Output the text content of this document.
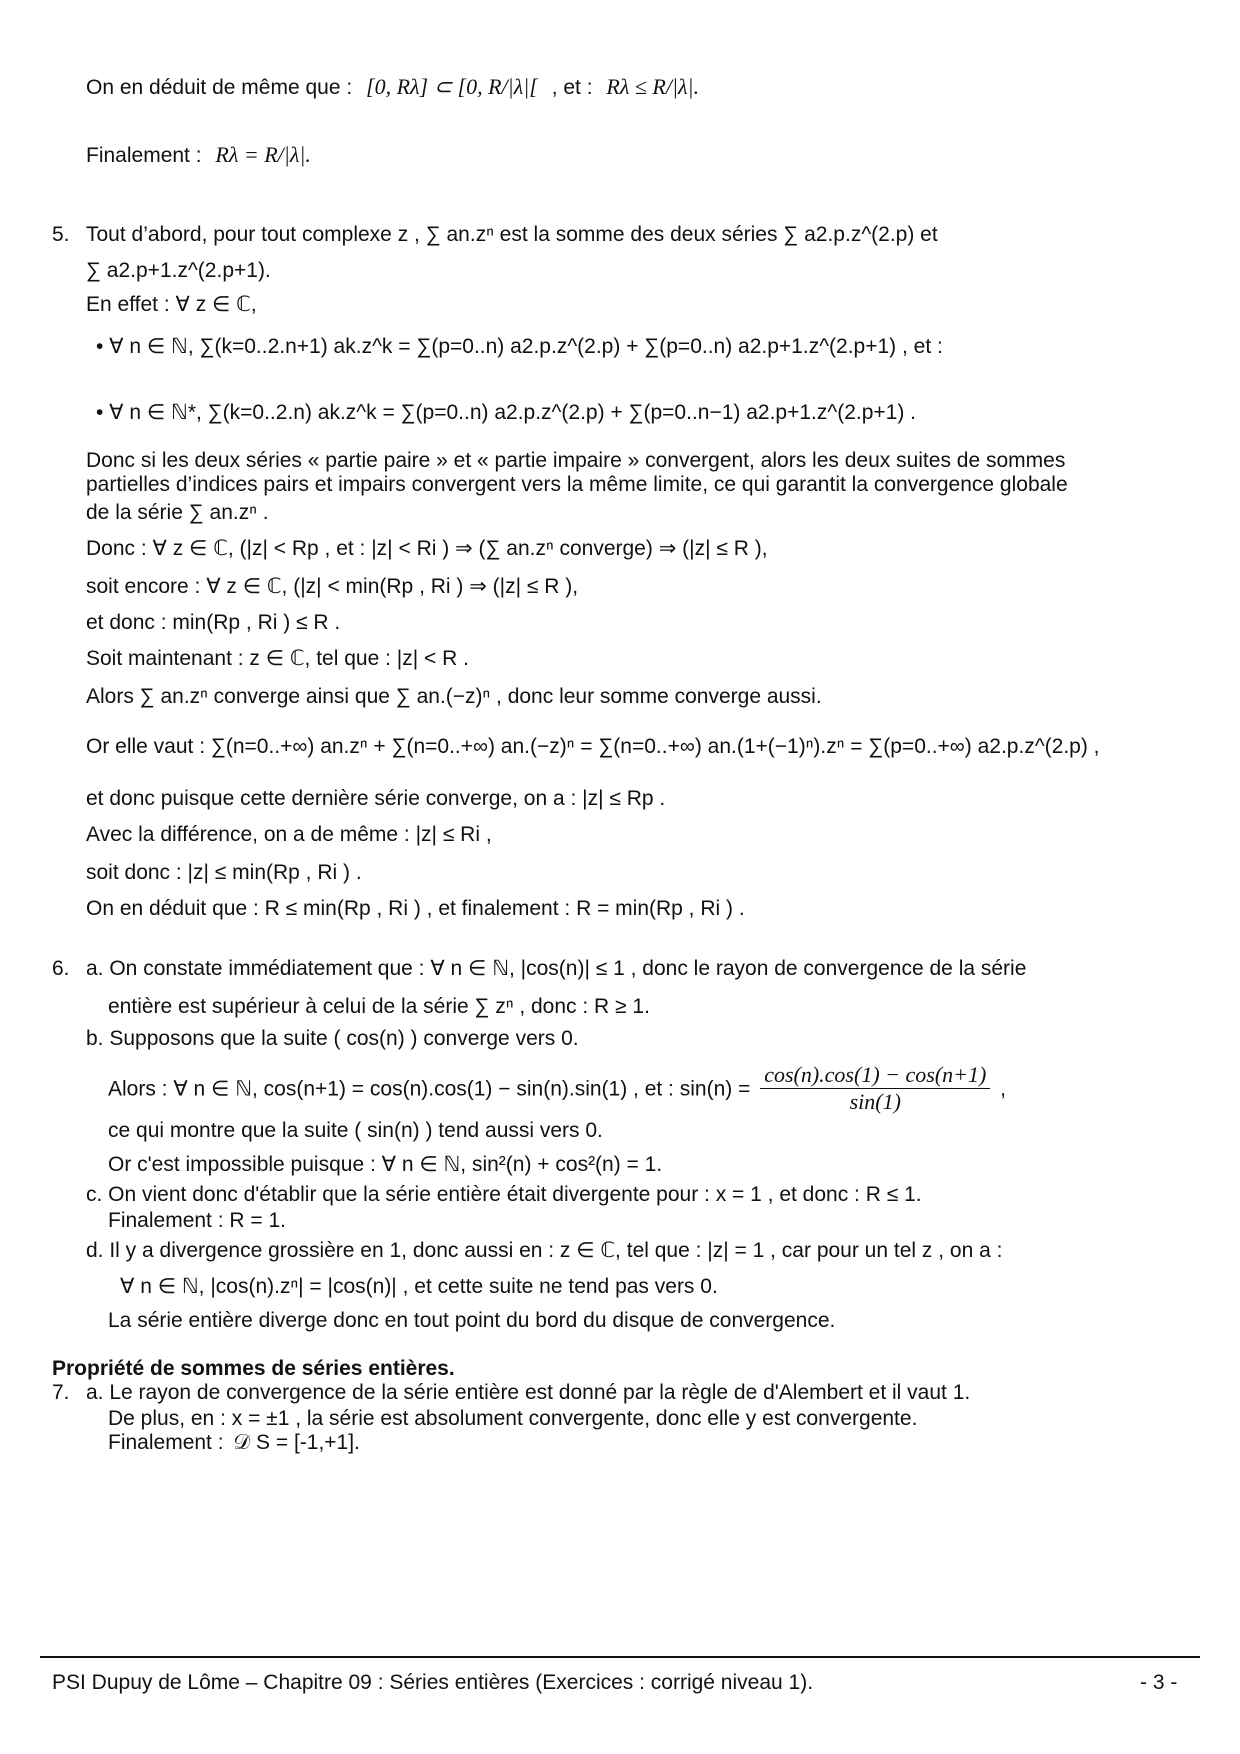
On en déduit de même que : [0, Rλ] ⊂ [0, R/|λ|[ , et : Rλ ≤ R/|λ|.
Finalement : Rλ = R/|λ|.
5. Tout d’abord, pour tout complexe z , ∑ an.zⁿ est la somme des deux séries ∑ a2.p.z^(2.p) et
∑ a2.p+1.z^(2.p+1).
En effet : ∀ z ∈ ℂ,
• ∀ n ∈ ℕ, ∑(k=0..2.n+1) ak.z^k = ∑(p=0..n) a2.p.z^(2.p) + ∑(p=0..n) a2.p+1.z^(2.p+1) , et :
• ∀ n ∈ ℕ*, ∑(k=0..2.n) ak.z^k = ∑(p=0..n) a2.p.z^(2.p) + ∑(p=0..n−1) a2.p+1.z^(2.p+1) .
Donc si les deux séries « partie paire » et « partie impaire » convergent, alors les deux suites de sommes
partielles d’indices pairs et impairs convergent vers la même limite, ce qui garantit la convergence globale
de la série ∑ an.zⁿ .
Donc : ∀ z ∈ ℂ, (|z| < Rp , et : |z| < Ri ) ⇒ (∑ an.zⁿ converge) ⇒ (|z| ≤ R ),
soit encore : ∀ z ∈ ℂ, (|z| < min(Rp , Ri ) ⇒ (|z| ≤ R ),
et donc : min(Rp , Ri ) ≤ R .
Soit maintenant : z ∈ ℂ, tel que : |z| < R .
Alors ∑ an.zⁿ converge ainsi que ∑ an.(−z)ⁿ , donc leur somme converge aussi.
Or elle vaut : ∑(n=0..+∞) an.zⁿ + ∑(n=0..+∞) an.(−z)ⁿ = ∑(n=0..+∞) an.(1+(−1)ⁿ).zⁿ = ∑(p=0..+∞) a2.p.z^(2.p) ,
et donc puisque cette dernière série converge, on a : |z| ≤ Rp .
Avec la différence, on a de même : |z| ≤ Ri ,
soit donc : |z| ≤ min(Rp , Ri ) .
On en déduit que : R ≤ min(Rp , Ri ) , et finalement : R = min(Rp , Ri ) .
6. a. On constate immédiatement que : ∀ n ∈ ℕ, |cos(n)| ≤ 1 , donc le rayon de convergence de la série
entière est supérieur à celui de la série ∑ zⁿ , donc : R ≥ 1.
b. Supposons que la suite ( cos(n) ) converge vers 0.
Alors : ∀ n ∈ ℕ, cos(n+1) = cos(n).cos(1) − sin(n).sin(1) , et : $\sin(n) = \frac{\cos(n).\cos(1) - \cos(n+1)}{\sin(1)}$ ,
ce qui montre que la suite ( sin(n) ) tend aussi vers 0.
Or c'est impossible puisque : ∀ n ∈ ℕ, sin²(n) + cos²(n) = 1.
c. On vient donc d'établir que la série entière était divergente pour : x = 1 , et donc : R ≤ 1.
Finalement : R = 1.
d. Il y a divergence grossière en 1, donc aussi en : z ∈ ℂ, tel que : |z| = 1 , car pour un tel z , on a :
∀ n ∈ ℕ, |cos(n).zⁿ| = |cos(n)| , et cette suite ne tend pas vers 0.
La série entière diverge donc en tout point du bord du disque de convergence.
Propriété de sommes de séries entières.
7. a. Le rayon de convergence de la série entière est donné par la règle de d'Alembert et il vaut 1.
De plus, en : x = ±1 , la série est absolument convergente, donc elle y est convergente.
Finalement : 𝒟 S = [-1,+1].
PSI Dupuy de Lôme – Chapitre 09 : Séries entières (Exercices : corrigé niveau 1).	- 3 -
